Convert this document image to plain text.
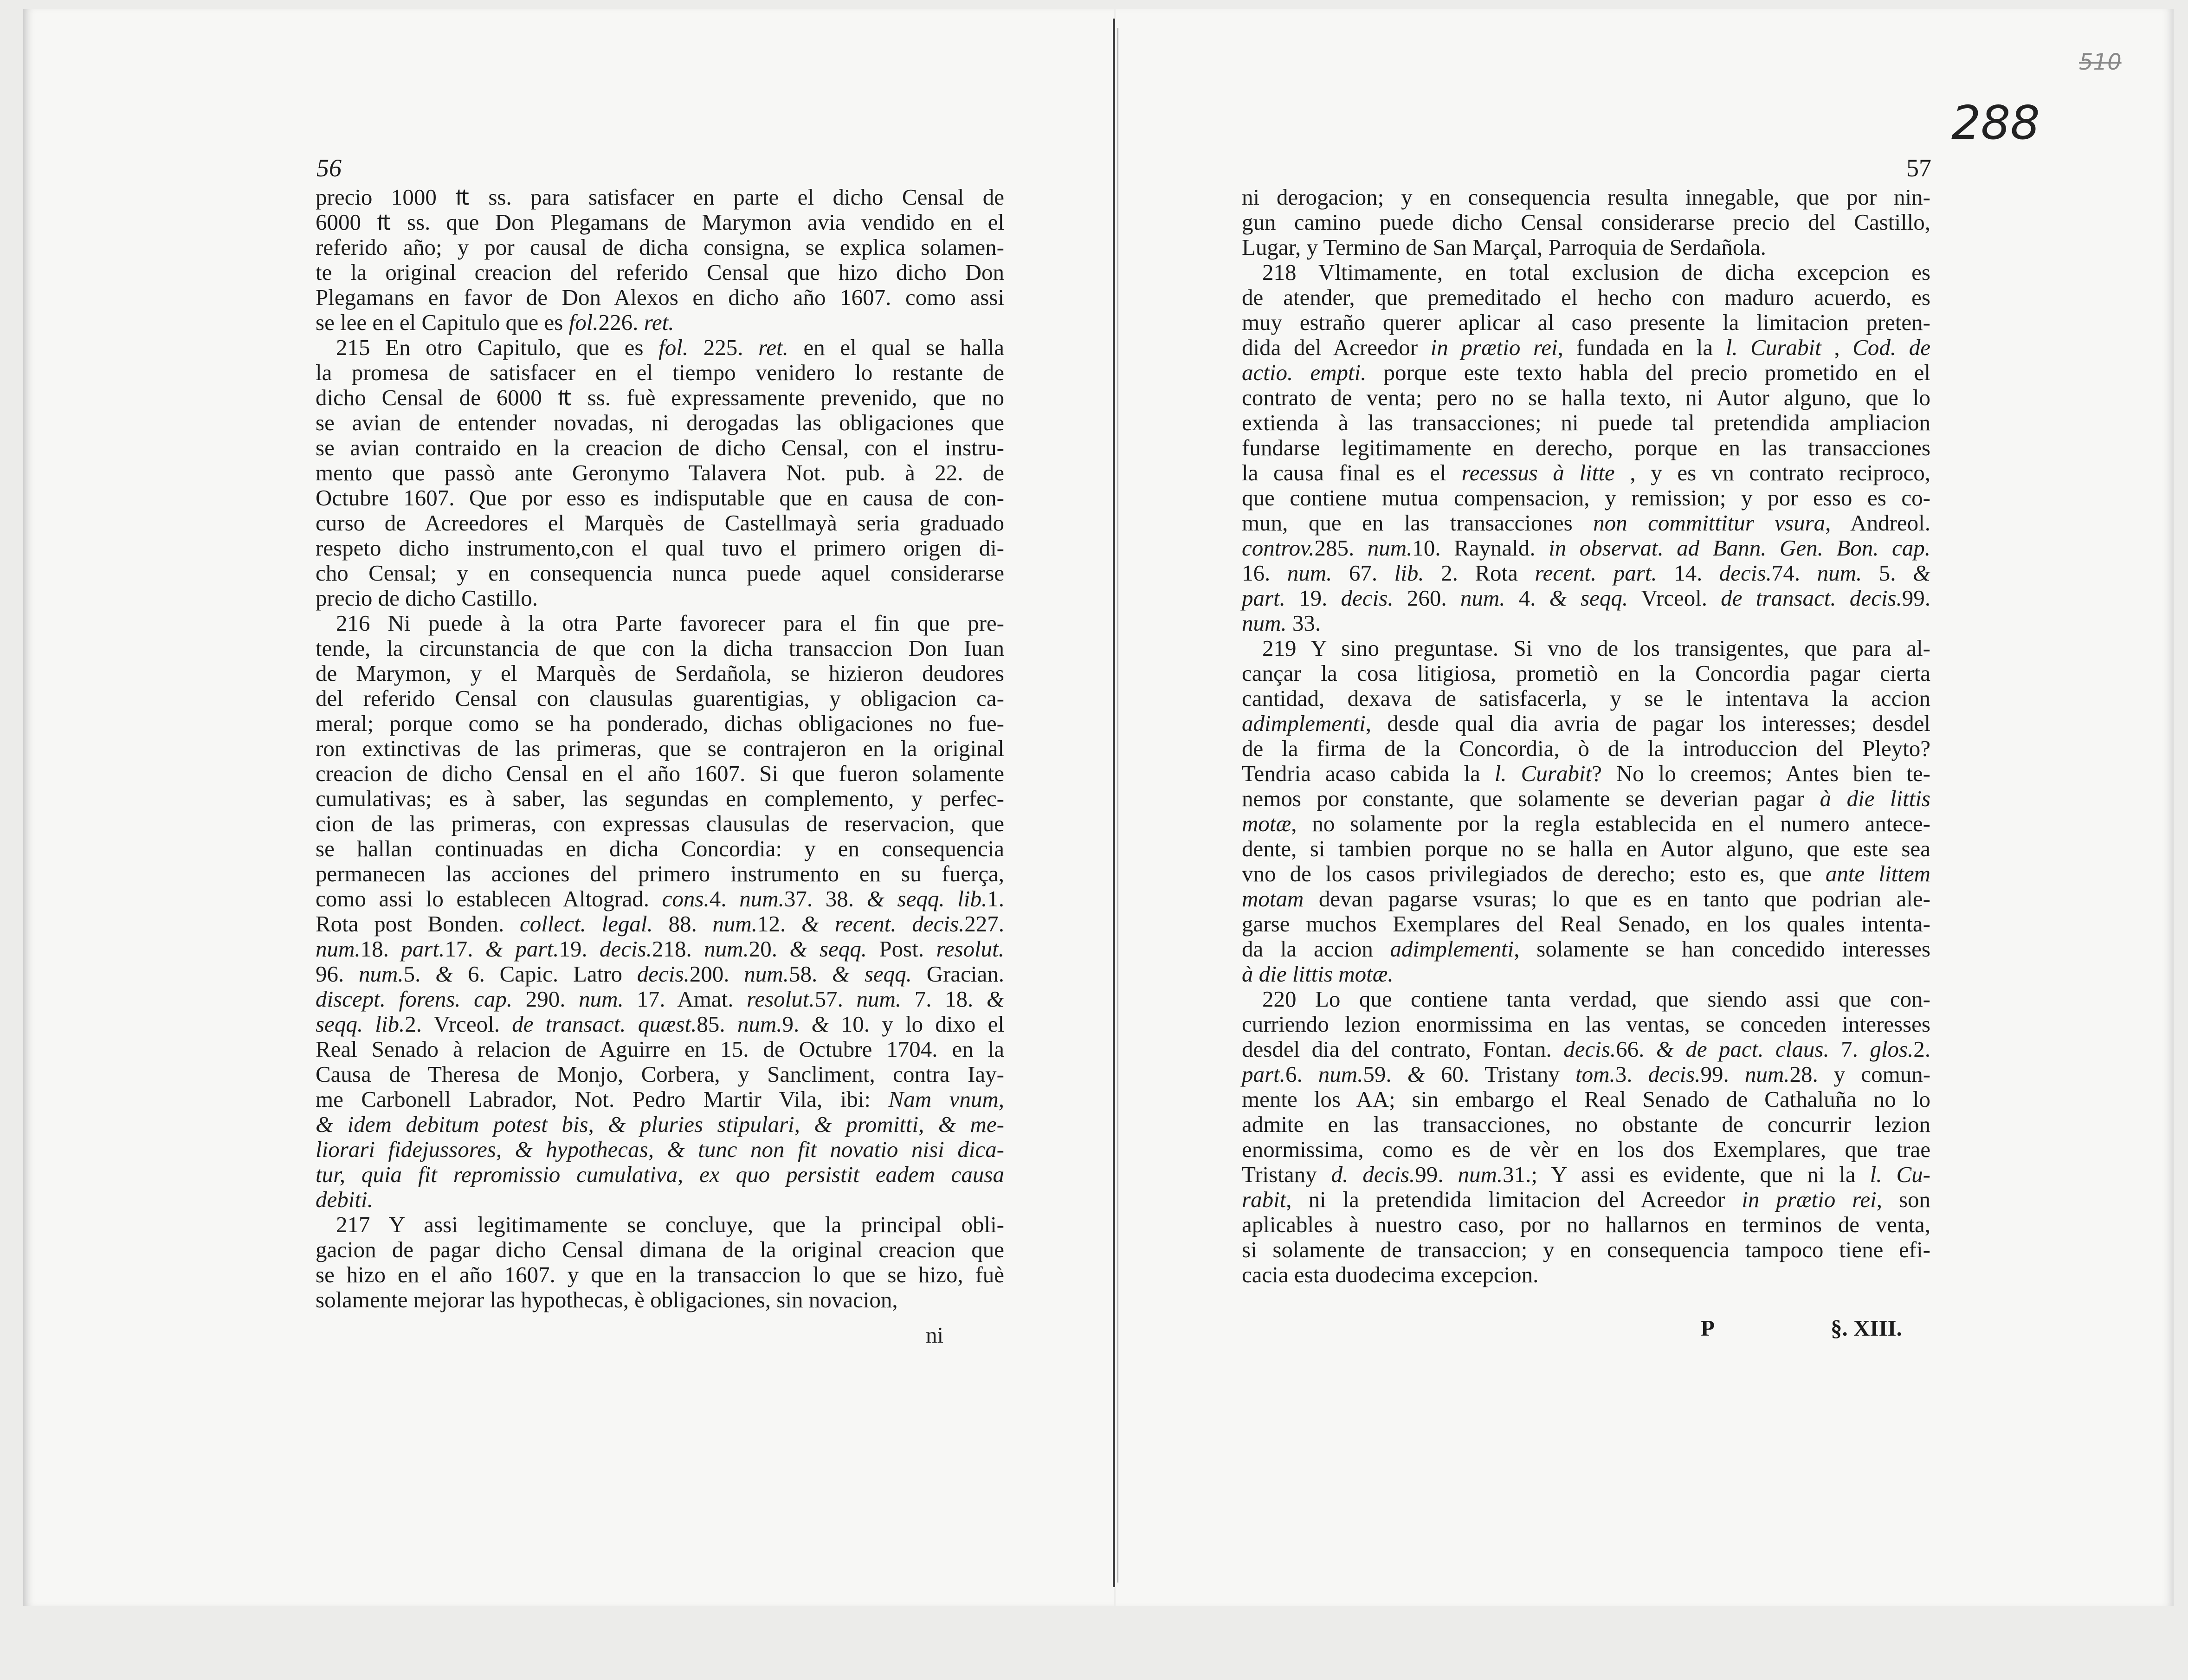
56	57
288
510
precio 1000 ₶ ss. para satisfacer en parte el dicho Censal de
6000 ₶ ss. que Don Plegamans de Marymon avia vendido en el
referido año; y por causal de dicha consigna, se explica solamen-
te la original creacion del referido Censal que hizo dicho Don
Plegamans en favor de Don Alexos en dicho año 1607. como assi
se lee en el Capitulo que es fol.226. ret.
215 En otro Capitulo, que es fol. 225. ret. en el qual se halla
la promesa de satisfacer en el tiempo venidero lo restante de
dicho Censal de 6000 ₶ ss. fuè expressamente prevenido, que no
se avian de entender novadas, ni derogadas las obligaciones que
se avian contraido en la creacion de dicho Censal, con el instru-
mento que passò ante Geronymo Talavera Not. pub. à 22. de
Octubre 1607. Que por esso es indisputable que en causa de con-
curso de Acreedores el Marquès de Castellmayà seria graduado
respeto dicho instrumento,con el qual tuvo el primero origen di-
cho Censal; y en consequencia nunca puede aquel considerarse
precio de dicho Castillo.
216 Ni puede à la otra Parte favorecer para el fin que pre-
tende, la circunstancia de que con la dicha transaccion Don Iuan
de Marymon, y el Marquès de Serdañola, se hizieron deudores
del referido Censal con clausulas guarentigias, y obligacion ca-
meral; porque como se ha ponderado, dichas obligaciones no fue-
ron extinctivas de las primeras, que se contrajeron en la original
creacion de dicho Censal en el año 1607. Si que fueron solamente
cumulativas; es à saber, las segundas en complemento, y perfec-
cion de las primeras, con expressas clausulas de reservacion, que
se hallan continuadas en dicha Concordia: y en consequencia
permanecen las acciones del primero instrumento en su fuerça,
como assi lo establecen Altograd. cons.4. num.37. 38. & seqq. lib.1.
Rota post Bonden. collect. legal. 88. num.12. & recent. decis.227.
num.18. part.17. & part.19. decis.218. num.20. & seqq. Post. resolut.
96. num.5. & 6. Capic. Latro decis.200. num.58. & seqq. Gracian.
discept. forens. cap. 290. num. 17. Amat. resolut.57. num. 7. 18. &
seqq. lib.2. Vrceol. de transact. quæst.85. num.9. & 10. y lo dixo el
Real Senado à relacion de Aguirre en 15. de Octubre 1704. en la
Causa de Theresa de Monjo, Corbera, y Sancliment, contra Iay-
me Carbonell Labrador, Not. Pedro Martir Vila, ibi: Nam vnum,
& idem debitum potest bis, & pluries stipulari, & promitti, & me-
liorari fidejussores, & hypothecas, & tunc non fit novatio nisi dica-
tur, quia fit repromissio cumulativa, ex quo persistit eadem causa
debiti.
217 Y assi legitimamente se concluye, que la principal obli-
gacion de pagar dicho Censal dimana de la original creacion que
se hizo en el año 1607. y que en la transaccion lo que se hizo, fuè
solamente mejorar las hypothecas, è obligaciones, sin novacion,
ni derogacion; y en consequencia resulta innegable, que por nin-
gun camino puede dicho Censal considerarse precio del Castillo,
Lugar, y Termino de San Marçal, Parroquia de Serdañola.
218 Vltimamente, en total exclusion de dicha excepcion es
de atender, que premeditado el hecho con maduro acuerdo, es
muy estraño querer aplicar al caso presente la limitacion preten-
dida del Acreedor in prætio rei, fundada en la l. Curabit , Cod. de
actio. empti. porque este texto habla del precio prometido en el
contrato de venta; pero no se halla texto, ni Autor alguno, que lo
extienda à las transacciones; ni puede tal pretendida ampliacion
fundarse legitimamente en derecho, porque en las transacciones
la causa final es el recessus à litte , y es vn contrato reciproco,
que contiene mutua compensacion, y remission; y por esso es co-
mun, que en las transacciones non committitur vsura, Andreol.
controv.285. num.10. Raynald. in observat. ad Bann. Gen. Bon. cap.
16. num. 67. lib. 2. Rota recent. part. 14. decis.74. num. 5. &
part. 19. decis. 260. num. 4. & seqq. Vrceol. de transact. decis.99.
num. 33.
219 Y sino preguntase. Si vno de los transigentes, que para al-
cançar la cosa litigiosa, prometiò en la Concordia pagar cierta
cantidad, dexava de satisfacerla, y se le intentava la accion
adimplementi, desde qual dia avria de pagar los interesses; desdel
de la firma de la Concordia, ò de la introduccion del Pleyto?
Tendria acaso cabida la l. Curabit? No lo creemos; Antes bien te-
nemos por constante, que solamente se deverian pagar à die littis
motæ, no solamente por la regla establecida en el numero antece-
dente, si tambien porque no se halla en Autor alguno, que este sea
vno de los casos privilegiados de derecho; esto es, que ante littem
motam devan pagarse vsuras; lo que es en tanto que podrian ale-
garse muchos Exemplares del Real Senado, en los quales intenta-
da la accion adimplementi, solamente se han concedido interesses
à die littis motæ.
220 Lo que contiene tanta verdad, que siendo assi que con-
curriendo lezion enormissima en las ventas, se conceden interesses
desdel dia del contrato, Fontan. decis.66. & de pact. claus. 7. glos.2.
part.6. num.59. & 60. Tristany tom.3. decis.99. num.28. y comun-
mente los AA; sin embargo el Real Senado de Cathaluña no lo
admite en las transacciones, no obstante de concurrir lezion
enormissima, como es de vèr en los dos Exemplares, que trae
Tristany d. decis.99. num.31.; Y assi es evidente, que ni la l. Cu-
rabit, ni la pretendida limitacion del Acreedor in prætio rei, son
aplicables à nuestro caso, por no hallarnos en terminos de venta,
si solamente de transaccion; y en consequencia tampoco tiene efi-
cacia esta duodecima excepcion.
ni	P	§. XIII.
